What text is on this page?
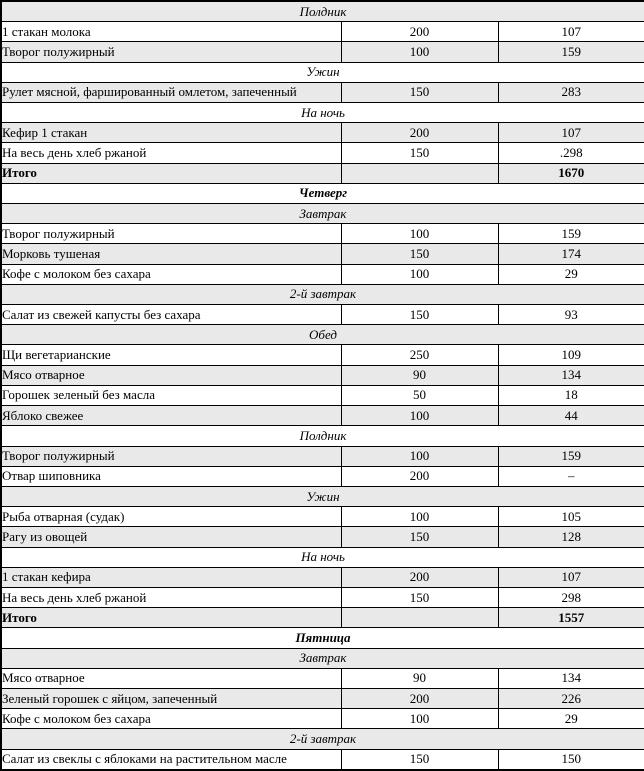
Полдник		
1 стакан молока	200	107
Творог полужирный	100	159
Ужин		
Рулет мясной, фаршированный омлетом, запеченный	150	283
На ночь		
Кефир 1 стакан	200	107
На весь день хлеб ржаной	150	.298
Итого		1670
Четверг		
Завтрак		
Творог полужирный	100	159
Морковь тушеная	150	174
Кофе с молоком без сахара	100	29
2-й завтрак		
Салат из свежей капусты без сахара	150	93
Обед		
Щи вегетарианские	250	109
Мясо отварное	90	134
Горошек зеленый без масла	50	18
Яблоко свежее	100	44
Полдник		
Творог полужирный	100	159
Отвар шиповника	200	–
Ужин		
Рыба отварная (судак)	100	105
Рагу из овощей	150	128
На ночь		
1 стакан кефира	200	107
На весь день хлеб ржаной	150	298
Итого		1557
Пятница		
Завтрак		
Мясо отварное	90	134
Зеленый горошек с яйцом, запеченный	200	226
Кофе с молоком без сахара	100	29
2-й завтрак		
Салат из свеклы с яблоками на растительном масле	150	150
